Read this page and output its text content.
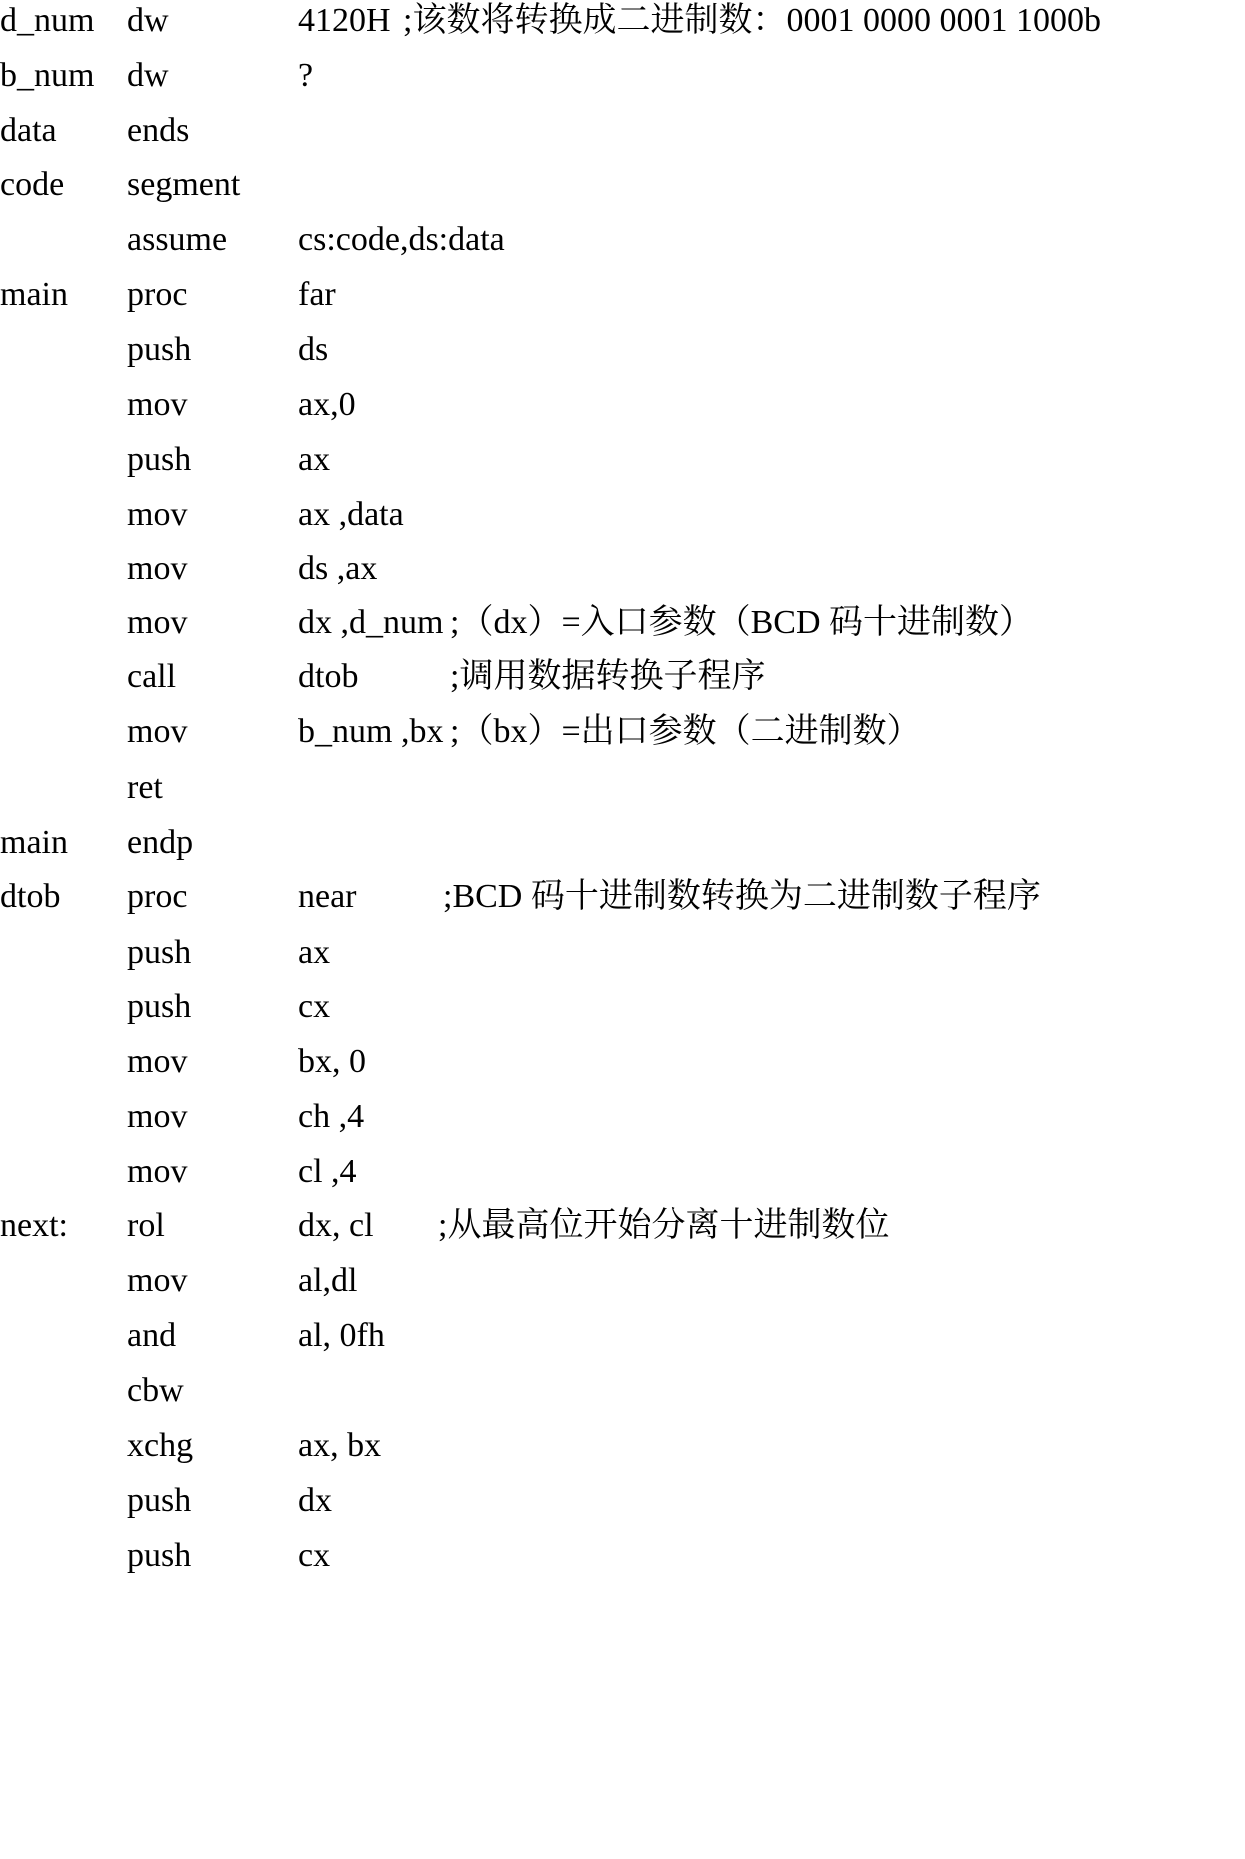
d_num dw	4120H ;该数将转换成二进制数：0001 0000 0001 1000b
b_num dw	?
data ends
code segment
assume cs:code,ds:data
main proc	far
push	ds
mov	ax,0
push	ax
mov	ax ,data
mov	ds ,ax
mov	dx ,d_num ;（dx）=入口参数（BCD 码十进制数）
call	dtob	;调用数据转换子程序
mov	b_num ,bx ;（bx）=出口参数（二进制数）
ret
main endp
dtob proc	near	;BCD 码十进制数转换为二进制数子程序
push	ax
push	cx
mov	bx, 0
mov	ch ,4
mov	cl ,4
next: rol	dx, cl ;从最高位开始分离十进制数位
mov	al,dl
and	al, 0fh
cbw
xchg	ax, bx
push	dx
push	cx
